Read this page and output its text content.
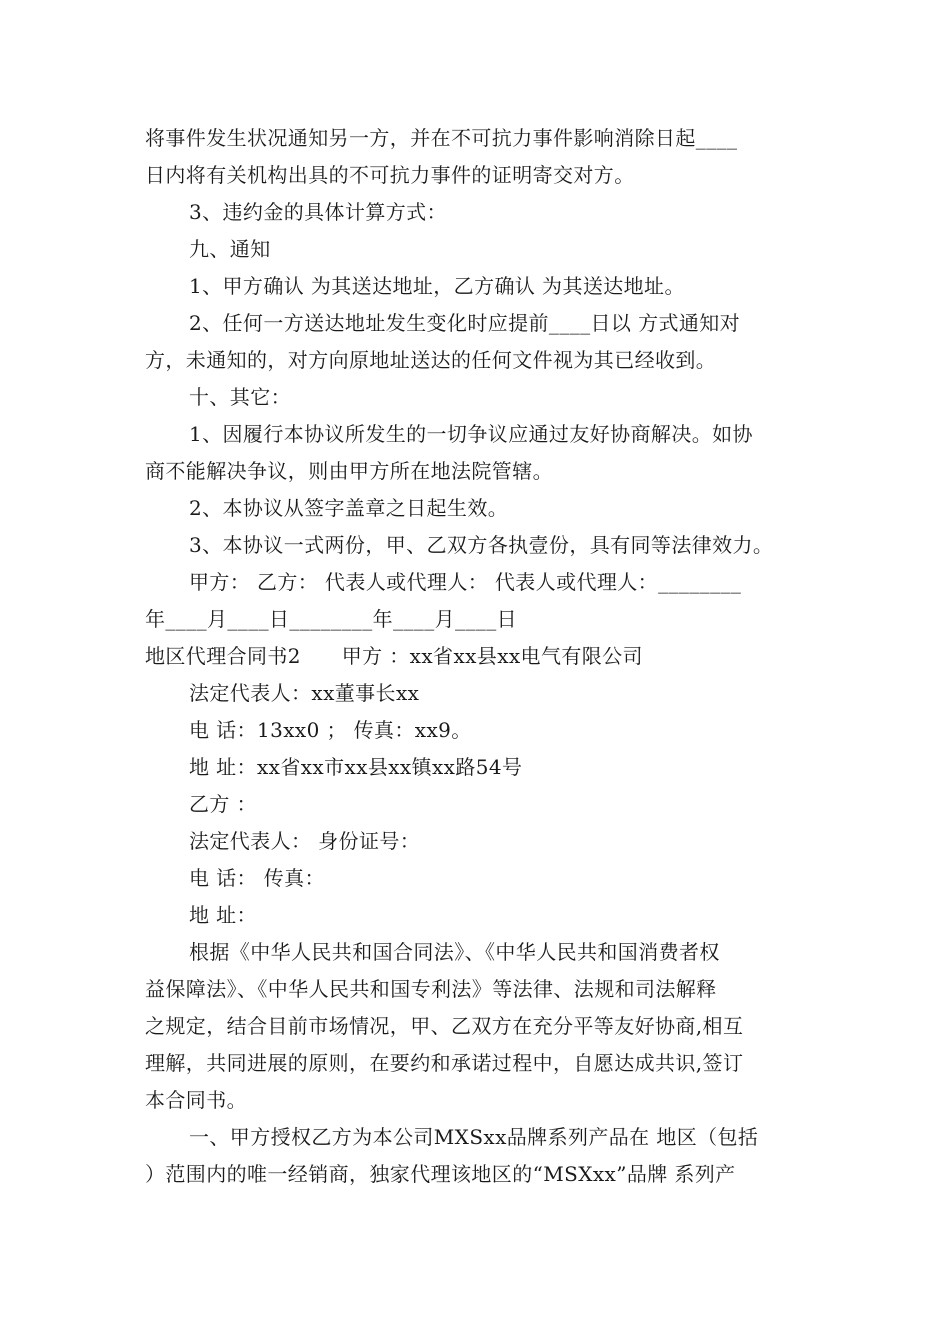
将事件发生状况通知另一方，并在不可抗力事件影响消除日起____

日内将有关机构出具的不可抗力事件的证明寄交对方。

3、违约金的具体计算方式：

九、通知

1、甲方确认 为其送达地址，乙方确认 为其送达地址。

2、任何一方送达地址发生变化时应提前____日以 方式通知对

方，未通知的，对方向原地址送达的任何文件视为其已经收到。

十、其它：

1、因履行本协议所发生的一切争议应通过友好协商解决。如协

商不能解决争议，则由甲方所在地法院管辖。

2、本协议从签字盖章之日起生效。

3、本协议一式两份，甲、乙双方各执壹份，具有同等法律效力。

甲方： 乙方： 代表人或代理人： 代表人或代理人：________

年____月____日________年____月____日

地区代理合同书2　　甲方 ：xx省xx县xx电气有限公司

法定代表人：xx董事长xx

电 话：13xx0 ； 传真：xx9。

地 址：xx省xx市xx县xx镇xx路54号

乙方 ：

法定代表人： 身份证号：

电 话： 传真：

地 址：

根据《中华人民共和国合同法》、《中华人民共和国消费者权

益保障法》、《中华人民共和国专利法》等法律、法规和司法解释

之规定，结合目前市场情况，甲、乙双方在充分平等友好协商,相互

理解，共同进展的原则，在要约和承诺过程中，自愿达成共识,签订

本合同书。

一、甲方授权乙方为本公司MXSxx品牌系列产品在 地区（包括

）范围内的唯一经销商，独家代理该地区的“MSXxx”品牌 系列产
